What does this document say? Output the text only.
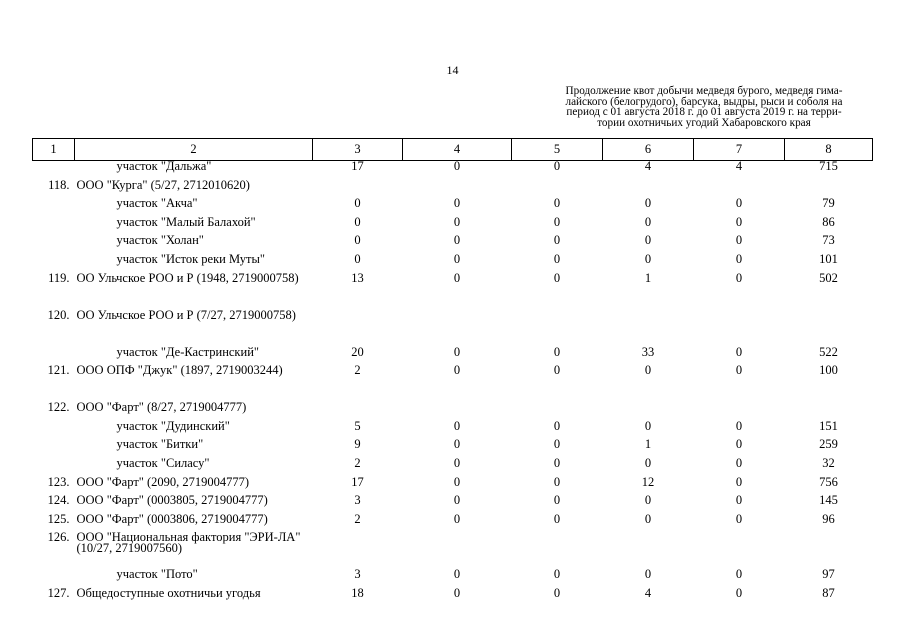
14
Продолжение квот добычи медведя бурого, медведя гима-
лайского (белогрудого), барсука, выдры, рыси и соболя на
период с 01 августа 2018 г. до 01 августа 2019 г. на терри-
тории охотничьих угодий Хабаровского края
1	2	3	4	5	6	7	8
	участок "Дальжа"	17	0	0	4	4	715
118.	ООО "Курга" (5/27, 2712010620)						
	участок "Акча"	0	0	0	0	0	79
	участок "Малый Балахой"	0	0	0	0	0	86
	участок "Холан"	0	0	0	0	0	73
	участок "Исток реки Муты"	0	0	0	0	0	101
119.	ОО Ульчское РОО и Р (1948, 2719000758)	13	0	0	1	0	502
120.	ОО Ульчское РОО и Р (7/27, 2719000758)						
	участок "Де-Кастринский"	20	0	0	33	0	522
121.	ООО ОПФ "Джук" (1897, 2719003244)	2	0	0	0	0	100
122.	ООО "Фарт" (8/27, 2719004777)						
	участок "Дудинский"	5	0	0	0	0	151
	участок "Битки"	9	0	0	1	0	259
	участок "Силасу"	2	0	0	0	0	32
123.	ООО "Фарт" (2090, 2719004777)	17	0	0	12	0	756
124.	ООО "Фарт" (0003805, 2719004777)	3	0	0	0	0	145
125.	ООО "Фарт" (0003806, 2719004777)	2	0	0	0	0	96
126.	ООО "Национальная фактория "ЭРИ-ЛА" (10/27, 2719007560)						
	участок "Пото"	3	0	0	0	0	97
127.	Общедоступные охотничьи угодья	18	0	0	4	0	87
